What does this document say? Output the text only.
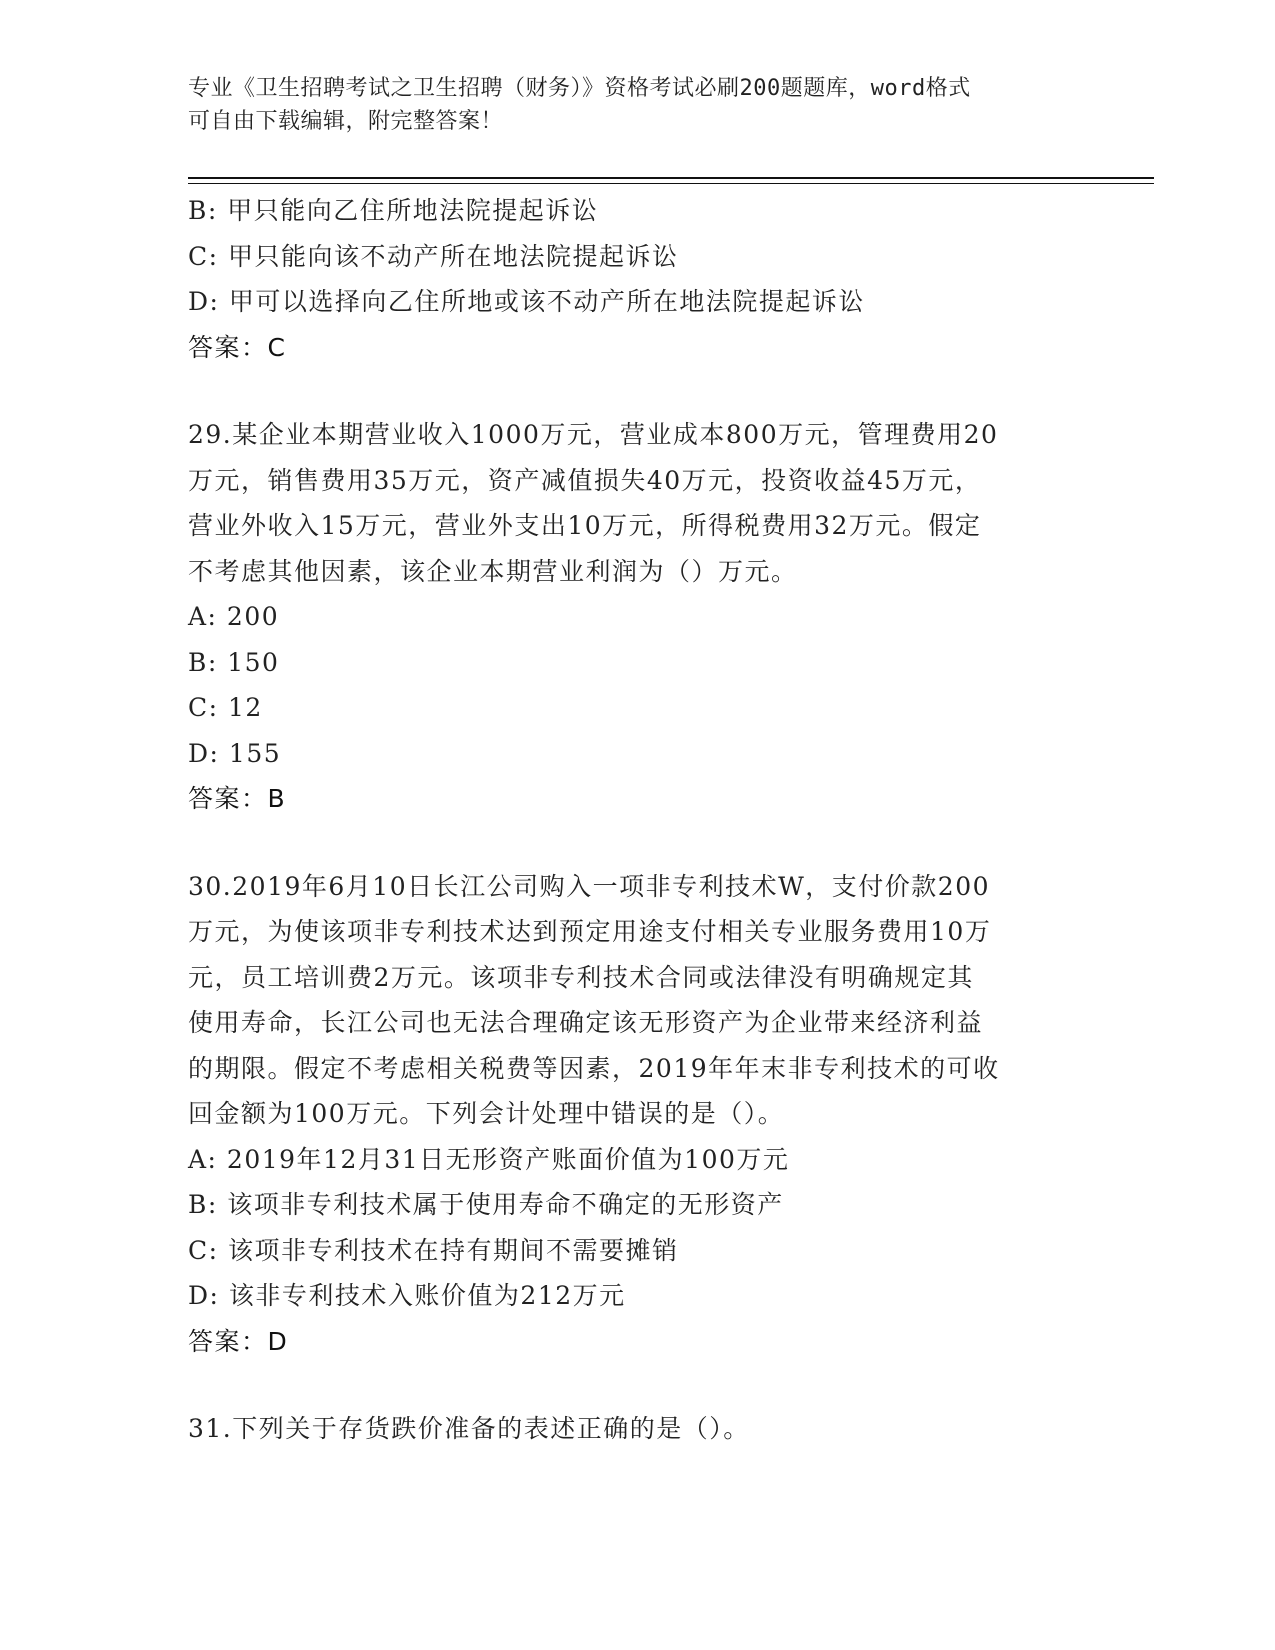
专业《卫生招聘考试之卫生招聘（财务）》资格考试必刷200题题库，word格式
可自由下载编辑，附完整答案！
B: 甲只能向乙住所地法院提起诉讼
C: 甲只能向该不动产所在地法院提起诉讼
D: 甲可以选择向乙住所地或该不动产所在地法院提起诉讼
答案：C
29.某企业本期营业收入1000万元，营业成本800万元，管理费用20
万元，销售费用35万元，资产减值损失40万元，投资收益45万元，
营业外收入15万元，营业外支出10万元，所得税费用32万元。假定
不考虑其他因素，该企业本期营业利润为（）万元。
A: 200
B: 150
C: 12
D: 155
答案：B
30.2019年6月10日长江公司购入一项非专利技术W，支付价款200
万元，为使该项非专利技术达到预定用途支付相关专业服务费用10万
元，员工培训费2万元。该项非专利技术合同或法律没有明确规定其
使用寿命，长江公司也无法合理确定该无形资产为企业带来经济利益
的期限。假定不考虑相关税费等因素，2019年年末非专利技术的可收
回金额为100万元。下列会计处理中错误的是（）。
A: 2019年12月31日无形资产账面价值为100万元
B: 该项非专利技术属于使用寿命不确定的无形资产
C: 该项非专利技术在持有期间不需要摊销
D: 该非专利技术入账价值为212万元
答案：D
31.下列关于存货跌价准备的表述正确的是（）。
